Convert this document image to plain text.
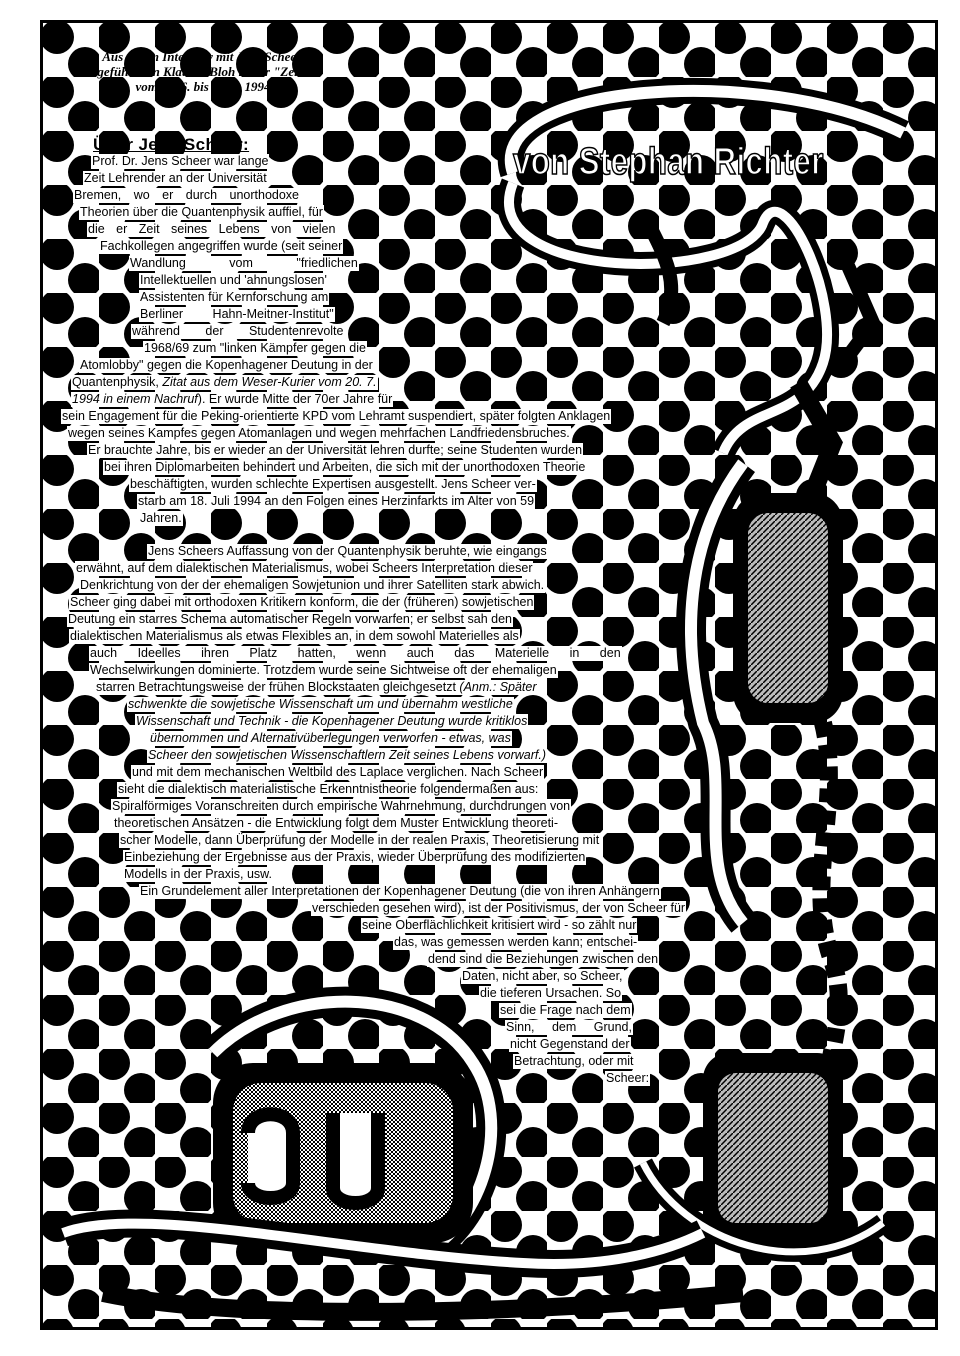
Aus einem Interview mit Jens Scheer,
geführt von Klaus v. Bloh in der "Zeit"
vom 18. 6. bis 14. 7. 1994
von Stephan Richter
Über Jens Scheer:
Prof. Dr. Jens Scheer war lange
Zeit Lehrender an der Universität
Bremen, wo er durch unorthodoxe
Theorien über die Quantenphysik auffiel, für
die er Zeit seines Lebens von vielen
Fachkollegen angegriffen wurde (seit seiner
Wandlung vom "friedlichen
Intellektuellen und 'ahnungslosen'
Assistenten für Kernforschung am
Berliner Hahn-Meitner-Institut"
während der Studentenrevolte
1968/69 zum "linken Kämpfer gegen die
Atomlobby" gegen die Kopenhagener Deutung in der
Quantenphysik, Zitat aus dem Weser-Kurier vom 20. 7.
1994 in einem Nachruf). Er wurde Mitte der 70er Jahre für
sein Engagement für die Peking-orientierte KPD vom Lehramt suspendiert, später folgten Anklagen
wegen seines Kampfes gegen Atomanlagen und wegen mehrfachen Landfriedensbruches.
Er brauchte Jahre, bis er wieder an der Universität lehren durfte; seine Studenten wurden
bei ihren Diplomarbeiten behindert und Arbeiten, die sich mit der unorthodoxen Theorie
beschäftigten, wurden schlechte Expertisen ausgestellt. Jens Scheer ver-
starb am 18. Juli 1994 an den Folgen eines Herzinfarkts im Alter von 59
Jahren.
Jens Scheers Auffassung von der Quantenphysik beruhte, wie eingangs
erwähnt, auf dem dialektischen Materialismus, wobei Scheers Interpretation dieser
Denkrichtung von der der ehemaligen Sowjetunion und ihrer Satelliten stark abwich.
Scheer ging dabei mit orthodoxen Kritikern konform, die der (früheren) sowjetischen
Deutung ein starres Schema automatischer Regeln vorwarfen; er selbst sah den
dialektischen Materialismus als etwas Flexibles an, in dem sowohl Materielles als
auch Ideelles ihren Platz hatten, wenn auch das Materielle in den
Wechselwirkungen dominierte. Trotzdem wurde seine Sichtweise oft der ehemaligen
starren Betrachtungsweise der frühen Blockstaaten gleichgesetzt (Anm.: Später
schwenkte die sowjetische Wissenschaft um und übernahm westliche
Wissenschaft und Technik - die Kopenhagener Deutung wurde kritiklos
übernommen und Alternativüberlegungen verworfen - etwas, was
Scheer den sowjetischen Wissenschaftlern Zeit seines Lebens vorwarf.)
und mit dem mechanischen Weltbild des Laplace verglichen. Nach Scheer
sieht die dialektisch materialistische Erkenntnistheorie folgendermaßen aus:
Spiralförmiges Voranschreiten durch empirische Wahrnehmung, durchdrungen von
theoretischen Ansätzen - die Entwicklung folgt dem Muster Entwicklung theoreti-
scher Modelle, dann Überprüfung der Modelle in der realen Praxis, Theoretisierung mit
Einbeziehung der Ergebnisse aus der Praxis, wieder Überprüfung des modifizierten
Modells in der Praxis, usw.
Ein Grundelement aller Interpretationen der Kopenhagener Deutung (die von ihren Anhängern
verschieden gesehen wird), ist der Positivismus, der von Scheer für
seine Oberflächlichkeit kritisiert wird - so zählt nur
das, was gemessen werden kann; entschei-
dend sind die Beziehungen zwischen den
Daten, nicht aber, so Scheer,
die tieferen Ursachen. So
sei die Frage nach dem
Sinn, dem Grund,
nicht Gegenstand der
Betrachtung, oder mit
Scheer:
